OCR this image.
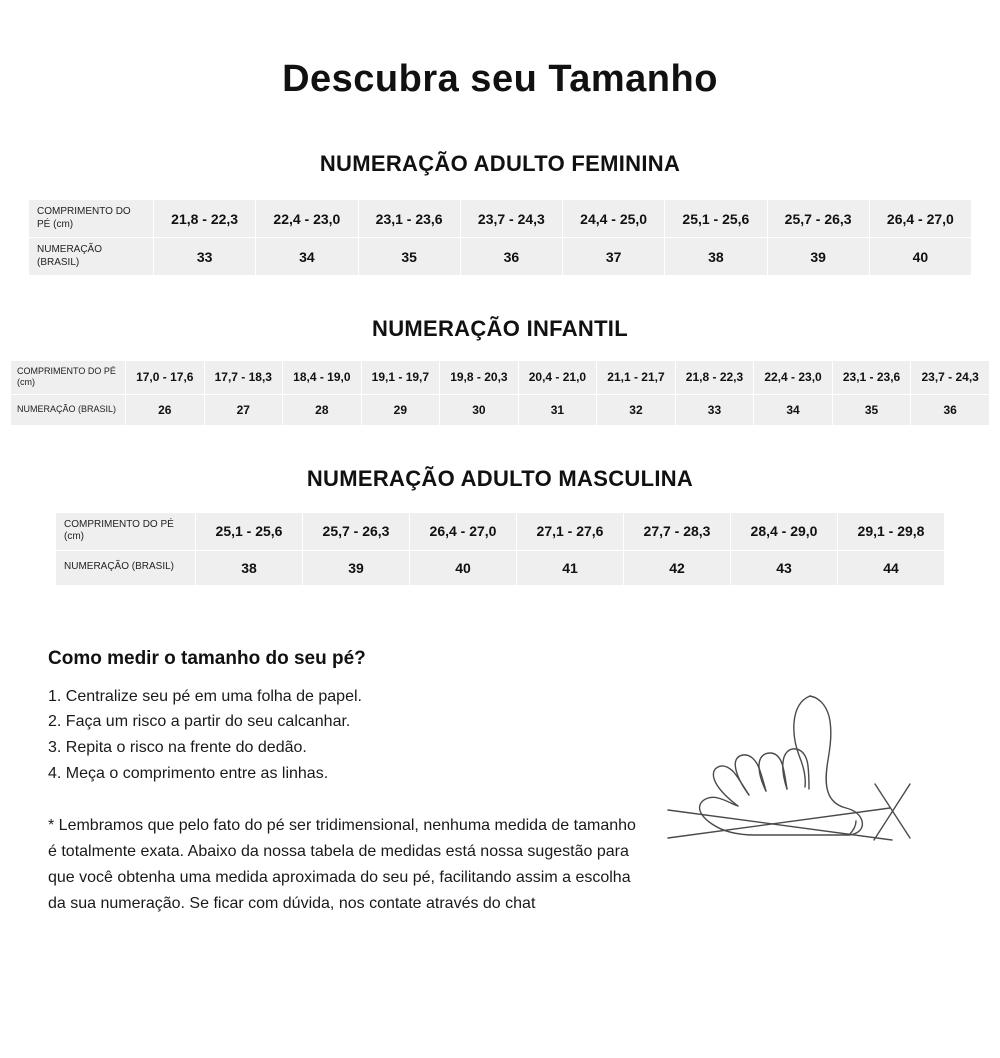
Descubra seu Tamanho
NUMERAÇÃO ADULTO FEMININA
COMPRIMENTO DO PÉ (cm)	21,8 - 22,3	22,4 - 23,0	23,1 - 23,6	23,7 - 24,3	24,4 - 25,0	25,1 - 25,6	25,7 - 26,3	26,4 - 27,0
NUMERAÇÃO (BRASIL)	33	34	35	36	37	38	39	40
NUMERAÇÃO INFANTIL
COMPRIMENTO DO PÉ (cm)	17,0 - 17,6	17,7 - 18,3	18,4 - 19,0	19,1 - 19,7	19,8 - 20,3	20,4 - 21,0	21,1 - 21,7	21,8 - 22,3	22,4 - 23,0	23,1 - 23,6	23,7 - 24,3
NUMERAÇÃO (BRASIL)	26	27	28	29	30	31	32	33	34	35	36
NUMERAÇÃO ADULTO MASCULINA
COMPRIMENTO DO PÉ (cm)	25,1 - 25,6	25,7 - 26,3	26,4 - 27,0	27,1 - 27,6	27,7 - 28,3	28,4 - 29,0	29,1 - 29,8
NUMERAÇÃO (BRASIL)	38	39	40	41	42	43	44
Como medir o tamanho do seu pé?
1. Centralize seu pé em uma folha de papel.
2. Faça um risco a partir do seu calcanhar.
3. Repita o risco na frente do dedão.
4. Meça o comprimento entre as linhas.

* Lembramos que pelo fato do pé ser tridimensional, nenhuma medida de tamanho é totalmente exata. Abaixo da nossa tabela de medidas está nossa sugestão para que você obtenha uma medida aproximada do seu pé, facilitando assim a escolha da sua numeração. Se ficar com dúvida, nos contate através do chat
